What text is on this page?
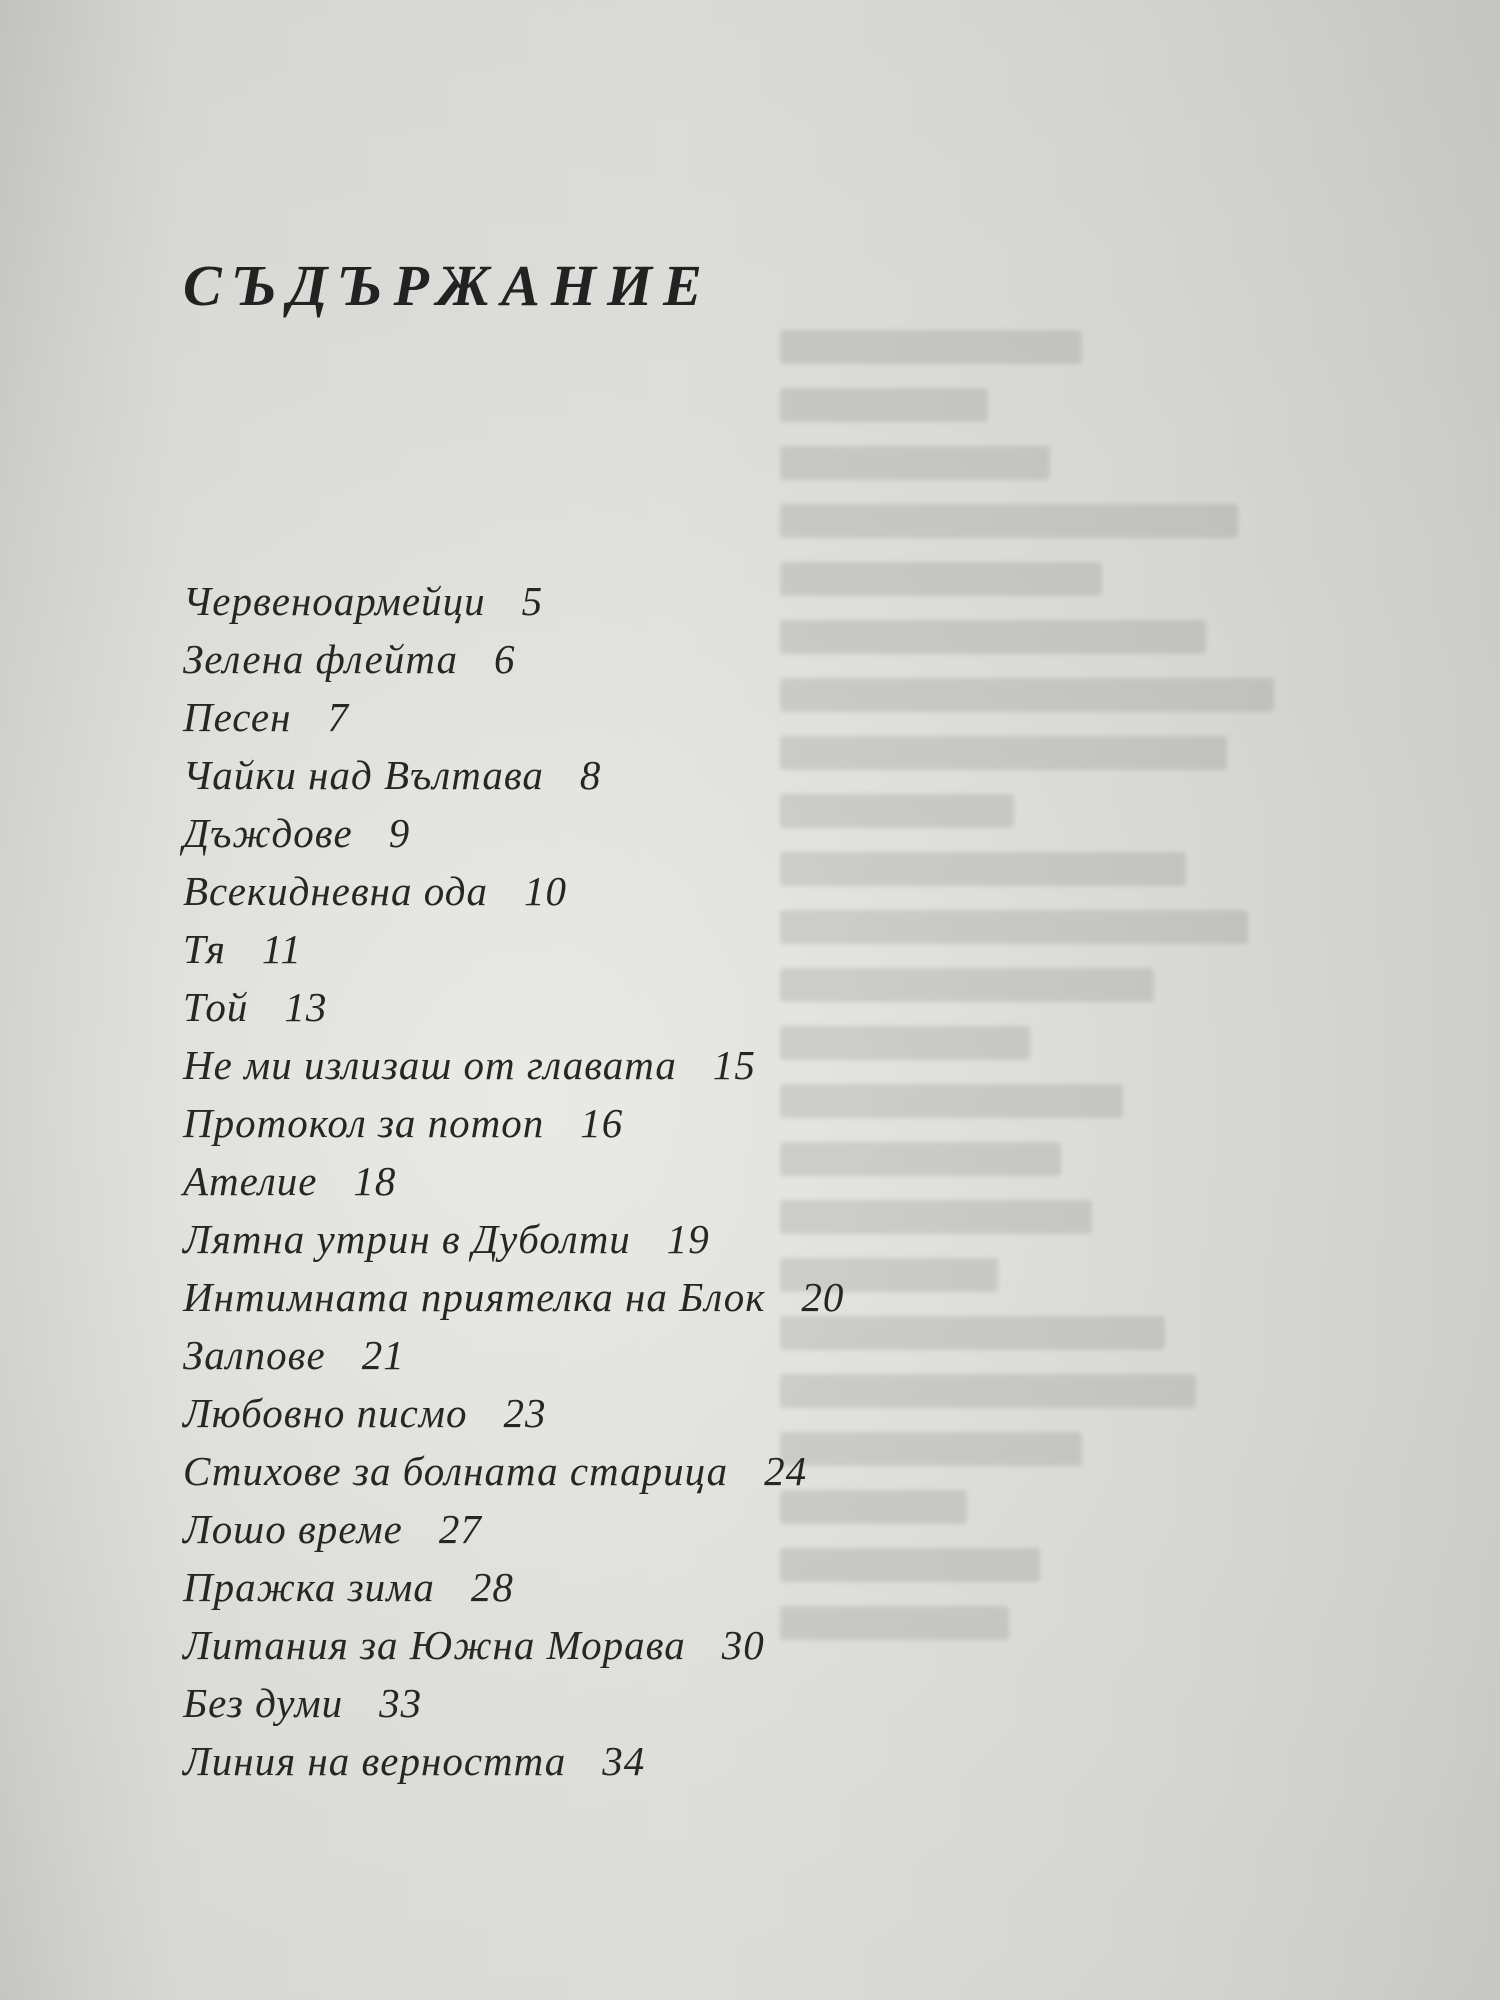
СЪДЪРЖАНИЕ
Червеноармейци 5
Зелена флейта 6
Песен 7
Чайки над Вълтава 8
Дъждове 9
Всекидневна ода 10
Тя 11
Той 13
Не ми излизаш от главата 15
Протокол за потоп 16
Ателие 18
Лятна утрин в Дуболти 19
Интимната приятелка на Блок 20
Залпове 21
Любовно писмо 23
Стихове за болната старица 24
Лошо време 27
Пражка зима 28
Литания за Южна Морава 30
Без думи 33
Линия на верността 34
